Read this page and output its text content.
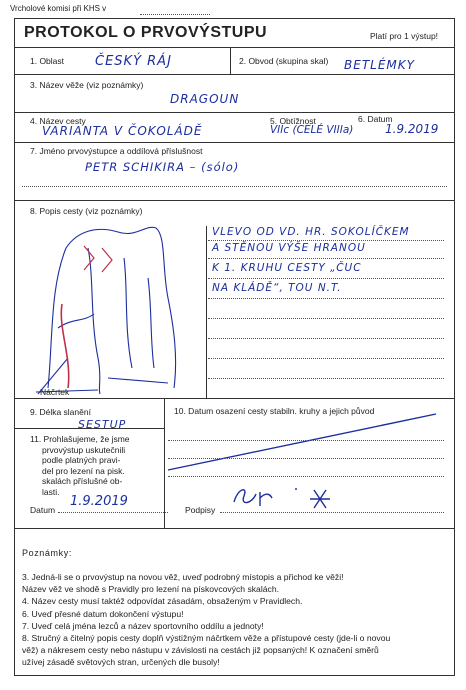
Vrcholové komisi při KHS v
PROTOKOL O PRVOVÝSTUPU	Platí pro 1 výstup!
1. Oblast ČESKÝ RÁJ	2. Obvod (skupina skal) BETLÉMKY
3. Název věže (viz poznámky)
DRAGOUN
4. Název cesty
VARIANTA V ČOKOLÁDĚ
5. Obtížnost
VIIc (CELÉ VIIIa)
6. Datum
1.9.2019
7. Jméno prvovýstupce a oddílová příslušnost
PETR SCHIKIRA – (sólo)
8. Popis cesty (viz poznámky)
Náčrtek
VLEVO OD VD. HR. SOKOLÍČKEM
A STĚNOU VÝŠE HRANOU
K 1. KRUHU CESTY „ČUC
NA KLÁDĚ“, TOU N.T.
9. Délka slanění
SESTUP
10. Datum osazení cesty stabiln. kruhy a jejich původ
11. Prohlašujeme, že jsme
prvovýstup uskutečnili
podle platných pravi-
del pro lezení na pisk.
skalách příslušné ob-
lasti.
Datum
1.9.2019
Podpisy
Poznámky:
3. Jedná-li se o prvovýstup na novou věž, uveď podrobný místopis a přichod ke věži!
Název věž ve shodě s Pravidly pro lezení na pískovcových skalách.
4. Název cesty musí taktéž odpovídat zásadám, obsaženým v Pravidlech.
6. Uveď přesné datum dokončení výstupu!
7. Uveď celá jména lezců a název sportovního oddílu a jednoty!
8. Stručný a čitelný popis cesty doplň výstižným náčrtkem věže a přístupové cesty (jde-li o novou
věž) a nákresem cesty nebo nástupu v závislosti na cestách již popsaných! K označení směrů
užívej zásadě světových stran, určených dle busoly!
